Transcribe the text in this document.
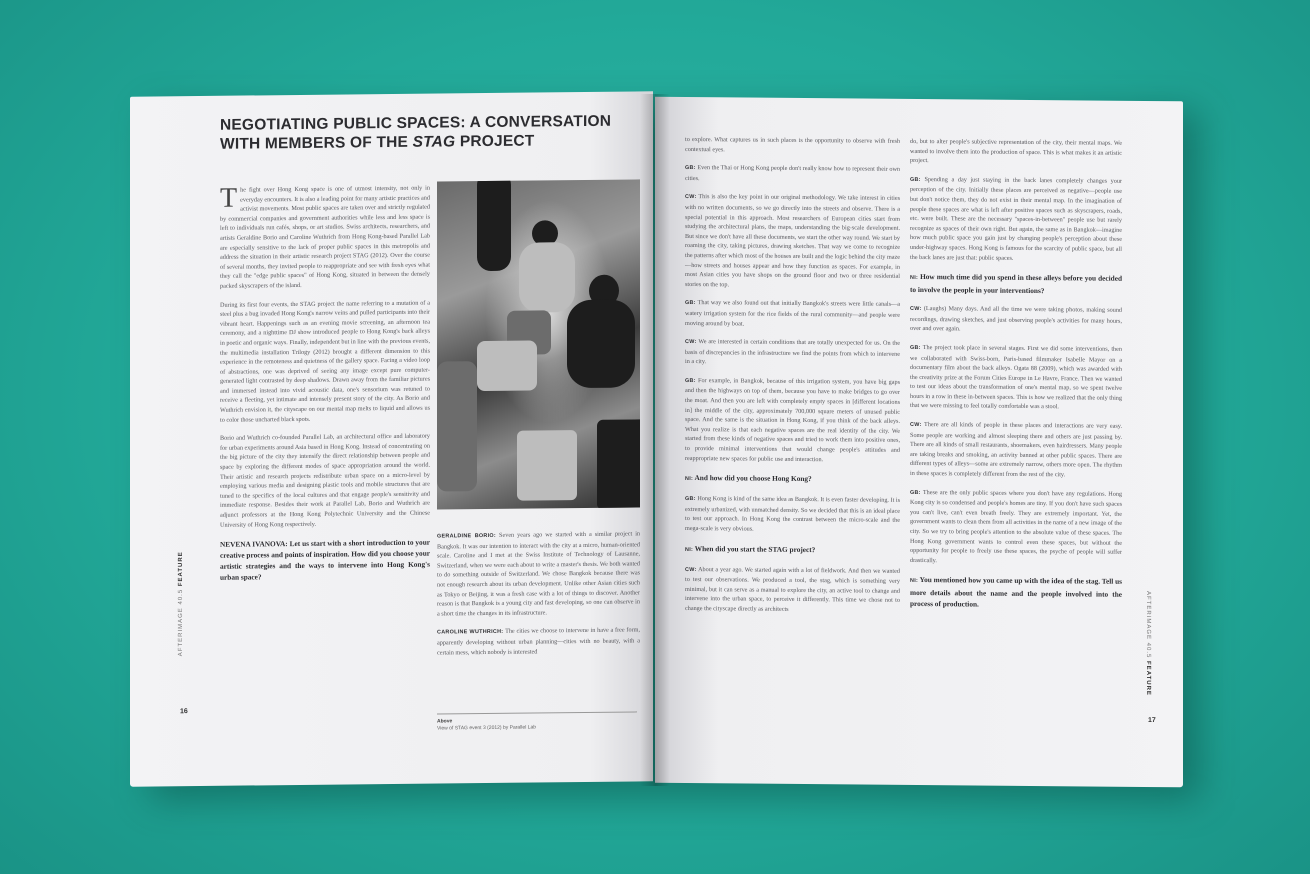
NEGOTIATING PUBLIC SPACES: A CONVERSATION
WITH MEMBERS OF THE STAG PROJECT

The fight over Hong Kong space is one of utmost intensity, not only in everyday encounters. It is also a leading point for many artistic practices and activist movements. Most public spaces are taken over and strictly regulated by commercial companies and government authorities while less and less space is left to individuals run cafés, shops, or art studios. Swiss architects, researchers, and artists Geraldine Borio and Caroline Wuthrich from Hong Kong-based Parallel Lab are especially sensitive to the lack of proper public spaces in this metropolis and address the situation in their artistic research project STAG (2012). Over the course of several months, they invited people to reappropriate and see with fresh eyes what they call the "edge public spaces" of Hong Kong, situated in between the densely packed skyscrapers of the island.

During its first four events, the STAG project the name referring to a mutation of a steel plus a bug invaded Hong Kong's narrow veins and pulled participants into their vibrant heart. Happenings such as an evening movie screening, an afternoon tea ceremony, and a nighttime DJ show introduced people to Hong Kong's back alleys in poetic and organic ways. Finally, independent but in line with the previous events, the multimedia installation Trilogy (2012) brought a different dimension to this experience in the remoteness and quietness of the gallery space. Facing a video loop of abstractions, one was deprived of seeing any image except pure computer-generated light contrasted by deep shadows. Drawn away from the familiar pictures and immersed instead into vivid acoustic data, one's sensorium was retuned to receive a fleeting, yet intimate and intensely present story of the city. As Borio and Wuthrich envision it, the cityscape on our mental map melts to liquid and allows us to color those uncharted black spots.

Borio and Wuthrich co-founded Parallel Lab, an architectural office and laboratory for urban experiments around Asia based in Hong Kong. Instead of concentrating on the big picture of the city they intensify the direct relationship between people and space by exploring the different modes of space appropriation around the world. Their artistic and research projects redistribute urban space on a micro-level by employing various media and designing plastic tools and mobile structures that are tuned to the specifics of the local cultures and that engage people's sensitivity and immediate response. Besides their work at Parallel Lab, Borio and Wuthrich are adjunct professors at the Hong Kong Polytechnic University and the Chinese University of Hong Kong respectively.

NEVENA IVANOVA: Let us start with a short introduction to your creative process and points of inspiration. How did you choose your artistic strategies and the ways to intervene into Hong Kong's urban space?

GERALDINE BORIO: Seven years ago we started with a similar project in Bangkok. It was our intention to interact with the city at a micro, human-oriented scale. Caroline and I met at the Swiss Institute of Technology of Lausanne, Switzerland, when we were each about to write a master's thesis. We both wanted to do something outside of Switzerland. We chose Bangkok because there was not enough research about its urban development. Unlike other Asian cities such as Tokyo or Beijing, it was a fresh case with a lot of things to discover. Another reason is that Bangkok is a young city and fast developing, so one can observe in a short time the changes in its infrastructure.

CAROLINE WUTHRICH: The cities we choose to intervene in have a free form, apparently developing without urban planning—cities with no beauty, with a certain mess, which nobody is interested

Above
View of STAG event 3 (2012) by Parallel Lab
AFTERIMAGE 40.5 FEATURE
16

to explore. What captures us in such places is the opportunity to observe with fresh contextual eyes.

GB: Even the Thai or Hong Kong people don't really know how to represent their own cities.

CW: This is also the key point in our original methodology. We take interest in cities with no written documents, so we go directly into the streets and observe. There is a special potential in this approach. Most researchers of European cities start from studying the architectural plans, the maps, understanding the big-scale development. But since we don't have all these documents, we start the other way round. We start by roaming the city, taking pictures, drawing sketches. That way we come to recognize the patterns after which most of the houses are built and the logic behind the city maze—how streets and houses appear and how they function as spaces. For example, in most Asian cities you have shops on the ground floor and two or three residential stories on the top.

GB: That way we also found out that initially Bangkok's streets were little canals—a watery irrigation system for the rice fields of the rural community—and people were moving around by boat.

CW: We are interested in certain conditions that are totally unexpected for us. On the basis of discrepancies in the infrastructure we find the points from which to intervene in a city.

GB: For example, in Bangkok, because of this irrigation system, you have big gaps and then the highways on top of them, because you have to make bridges to go over the moat. And then you are left with completely empty spaces in [different locations in] the middle of the city, approximately 700,000 square meters of unused public space. And the same is the situation in Hong Kong, if you think of the back alleys. What you realize is that each negative spaces are the real identity of the city. We started from these kinds of negative spaces and tried to work them into positive ones, to provide minimal interventions that would change people's attitudes and reappropriate new spaces for public use and interaction.

NI: And how did you choose Hong Kong?

GB: Hong Kong is kind of the same idea as Bangkok. It is even faster developing. It is extremely urbanized, with unmatched density. So we decided that this is an ideal place to test our approach. In Hong Kong the contrast between the micro-scale and the mega-scale is very obvious.

NI: When did you start the STAG project?

CW: About a year ago. We started again with a lot of fieldwork. And then we wanted to test our observations. We produced a tool, the stag, which is something very minimal, but it can serve as a manual to explore the city, an active tool to change and intervene into the urban space, to perceive it differently. This time we chose not to change the cityscape directly as architects

do, but to alter people's subjective representation of the city, their mental maps. We wanted to involve them into the production of space. This is what makes it an artistic project.

GB: Spending a day just staying in the back lanes completely changes your perception of the city. Initially these places are perceived as negative—people use but don't notice them, they do not exist in their mental map. In the imagination of people these spaces are what is left after positive spaces such as skyscrapers, roads, etc. were built. These are the necessary "spaces-in-between" people use but rarely recognize as spaces of their own right. But again, the same as in Bangkok—imagine how much public space you gain just by changing people's perception about these under-highway spaces. Hong Kong is famous for the scarcity of public space, but all the back lanes are just that: public spaces.

NI: How much time did you spend in these alleys before you decided to involve the people in your interventions?

CW: (Laughs) Many days. And all the time we were taking photos, making sound recordings, drawing sketches, and just observing people's activities for many hours, over and over again.

GB: The project took place in several stages. First we did some interventions, then we collaborated with Swiss-born, Paris-based filmmaker Isabelle Mayor on a documentary film about the back alleys. Ogata 88 (2009), which was awarded with the creativity prize at the Forum Cities Europe in Le Havre, France. Then we wanted to test our ideas about the transformation of one's mental map, so we spent twelve hours in a row in these in-between spaces. This is how we realized that the only thing that we were missing to feel totally comfortable was a stool.

CW: There are all kinds of people in these places and interactions are very easy. Some people are working and almost sleeping there and others are just passing by. There are all kinds of small restaurants, shoemakers, even hairdressers. Many people are taking breaks and smoking, an activity banned at other public spaces. There are different types of alleys—some are extremely narrow, others more open. The rhythm in these spaces is completely different from the rest of the city.

GB: These are the only public spaces where you don't have any regulations. Hong Kong city is so condensed and people's homes are tiny. If you don't have such spaces you can't live, can't even breath freely. They are extremely important. Yet, the government wants to clean them from all activities in the name of a new image of the city. So we try to bring people's attention to the absolute value of these spaces. The Hong Kong government wants to control even these spaces, but without the opportunity for people to freely use these spaces, the psyche of people will suffer drastically.

NI: You mentioned how you came up with the idea of the stag. Tell us more details about the name and the people involved into the process of production.	AFTERIMAGE 40.5 FEATURE
17
